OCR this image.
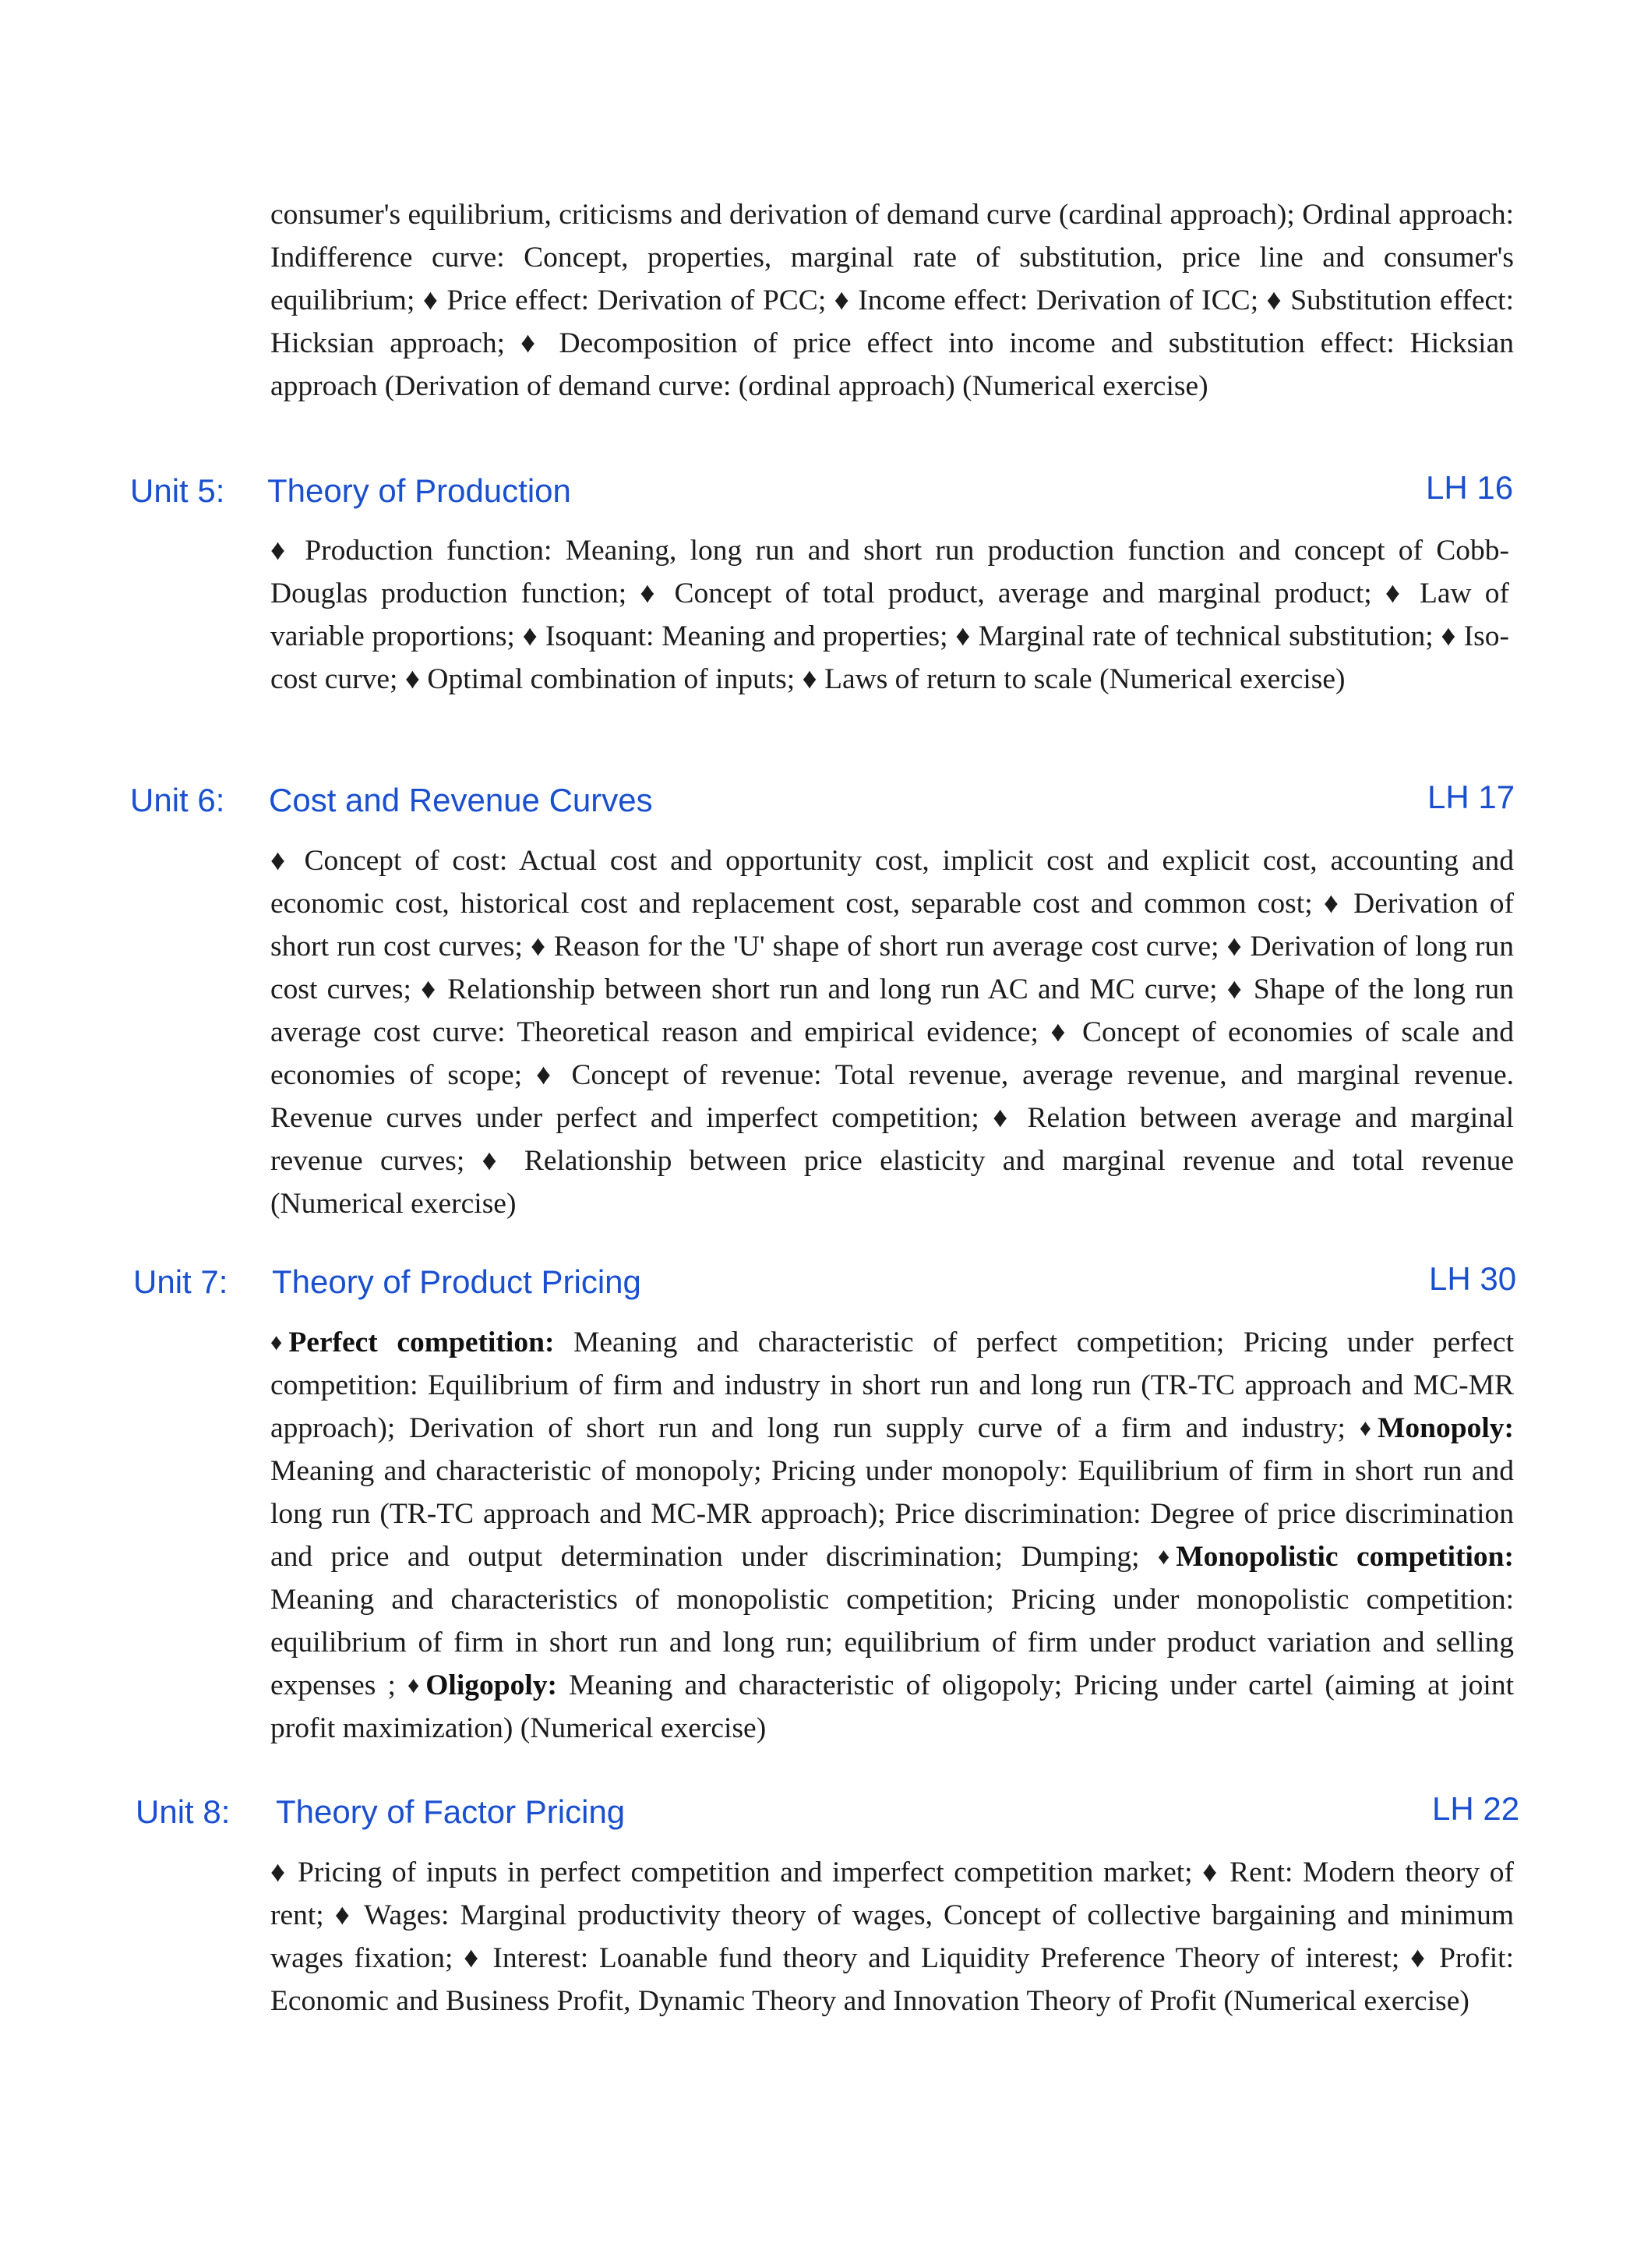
consumer's equilibrium, criticisms and derivation of demand curve (cardinal approach); Ordinal approach: Indifference curve: Concept, properties, marginal rate of substitution, price line and consumer's equilibrium; ♦ Price effect: Derivation of PCC; ♦ Income effect: Derivation of ICC; ♦ Substitution effect: Hicksian approach; ♦ Decomposition of price effect into income and substitution effect: Hicksian approach (Derivation of demand curve: (ordinal approach) (Numerical exercise)

Unit 5: Theory of Production	LH 16

♦ Production function: Meaning, long run and short run production function and concept of Cobb-Douglas production function; ♦ Concept of total product, average and marginal product; ♦ Law of variable proportions; ♦ Isoquant: Meaning and properties; ♦ Marginal rate of technical substitution; ♦ Iso-cost curve; ♦ Optimal combination of inputs; ♦ Laws of return to scale (Numerical exercise)

Unit 6: Cost and Revenue Curves	LH 17

♦ Concept of cost: Actual cost and opportunity cost, implicit cost and explicit cost, accounting and economic cost, historical cost and replacement cost, separable cost and common cost; ♦ Derivation of short run cost curves; ♦ Reason for the 'U' shape of short run average cost curve; ♦ Derivation of long run cost curves; ♦ Relationship between short run and long run AC and MC curve; ♦ Shape of the long run average cost curve: Theoretical reason and empirical evidence; ♦ Concept of economies of scale and economies of scope; ♦ Concept of revenue: Total revenue, average revenue, and marginal revenue. Revenue curves under perfect and imperfect competition; ♦ Relation between average and marginal revenue curves; ♦ Relationship between price elasticity and marginal revenue and total revenue (Numerical exercise)

Unit 7: Theory of Product Pricing	LH 30

♦ Perfect competition: Meaning and characteristic of perfect competition; Pricing under perfect competition: Equilibrium of firm and industry in short run and long run (TR-TC approach and MC-MR approach); Derivation of short run and long run supply curve of a firm and industry; ♦ Monopoly: Meaning and characteristic of monopoly; Pricing under monopoly: Equilibrium of firm in short run and long run (TR-TC approach and MC-MR approach); Price discrimination: Degree of price discrimination and price and output determination under discrimination; Dumping; ♦ Monopolistic competition: Meaning and characteristics of monopolistic competition; Pricing under monopolistic competition: equilibrium of firm in short run and long run; equilibrium of firm under product variation and selling expenses ; ♦ Oligopoly: Meaning and characteristic of oligopoly; Pricing under cartel (aiming at joint profit maximization) (Numerical exercise)

Unit 8: Theory of Factor Pricing	LH 22

♦ Pricing of inputs in perfect competition and imperfect competition market; ♦ Rent: Modern theory of rent; ♦ Wages: Marginal productivity theory of wages, Concept of collective bargaining and minimum wages fixation; ♦ Interest: Loanable fund theory and Liquidity Preference Theory of interest; ♦ Profit: Economic and Business Profit, Dynamic Theory and Innovation Theory of Profit (Numerical exercise)
